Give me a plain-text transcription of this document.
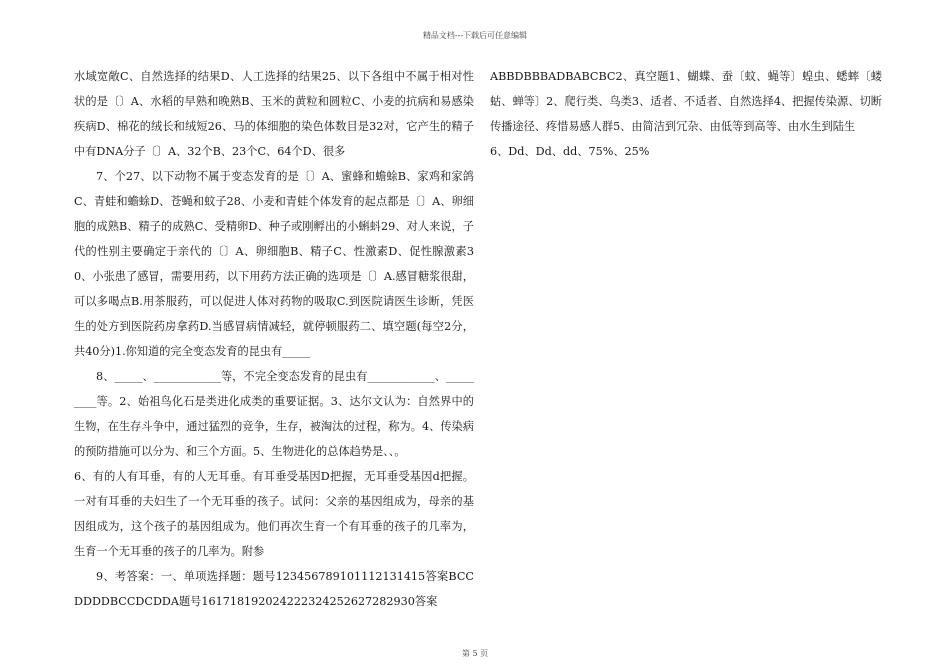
精品文档---下载后可任意编辑

水域宽敞C、自然选择的结果D、人工选择的结果25、以下各组中不属于相对性状的是〔〕A、水稻的早熟和晚熟B、玉米的黄粒和圆粒C、小麦的抗病和易感染疾病D、棉花的绒长和绒短26、马的体细胞的染色体数目是32对，它产生的精子中有DNA分子〔〕A、32个B、23个C、64个D、很多

7、个27、以下动物不属于变态发育的是〔〕A、蜜蜂和蟾蜍B、家鸡和家鸽C、青蛙和蟾蜍D、苍蝇和蚊子28、小麦和青蛙个体发育的起点都是〔〕A、卵细胞的成熟B、精子的成熟C、受精卵D、种子或刚孵出的小蝌蚪29、对人来说，子代的性别主要确定于亲代的〔〕A、卵细胞B、精子C、性激素D、促性腺激素30、小张患了感冒，需要用药，以下用药方法正确的选项是〔〕A.感冒糖浆很甜，可以多喝点B.用茶服药，可以促进人体对药物的吸取C.到医院请医生诊断，凭医生的处方到医院药房拿药D.当感冒病情减轻，就停顿服药二、填空题(每空2分，共40分)1.你知道的完全变态发育的昆虫有_____

8、_____、____________等，不完全变态发育的昆虫有____________、_________等。2、始祖鸟化石是类进化成类的重要证据。3、达尔文认为：自然界中的生物，在生存斗争中，通过猛烈的竞争，生存，被淘汰的过程，称为。4、传染病的预防措施可以分为、和三个方面。5、生物进化的总体趋势是、、。

6、有的人有耳垂，有的人无耳垂。有耳垂受基因D把握，无耳垂受基因d把握。一对有耳垂的夫妇生了一个无耳垂的孩子。试问：父亲的基因组成为，母亲的基因组成为，这个孩子的基因组成为。他们再次生育一个有耳垂的孩子的几率为，生育一个无耳垂的孩子的几率为。附参

9、考答案：一、单项选择题：题号123456789101112131415答案BCCDDDDBCCDCDDA题号161718192024222324252627282930答案

ABBDBBBADBABCBC2、真空题1、蝴蝶、蚕〔蚊、蝇等〕蝗虫、蟋蟀〔蝼蛄、蝉等〕2、爬行类、鸟类3、适者、不适者、自然选择4、把握传染源、切断传播途径、疼惜易感人群5、由简洁到冗杂、由低等到高等、由水生到陆生

6、Dd、Dd、dd、75%、25%

第 5 页
